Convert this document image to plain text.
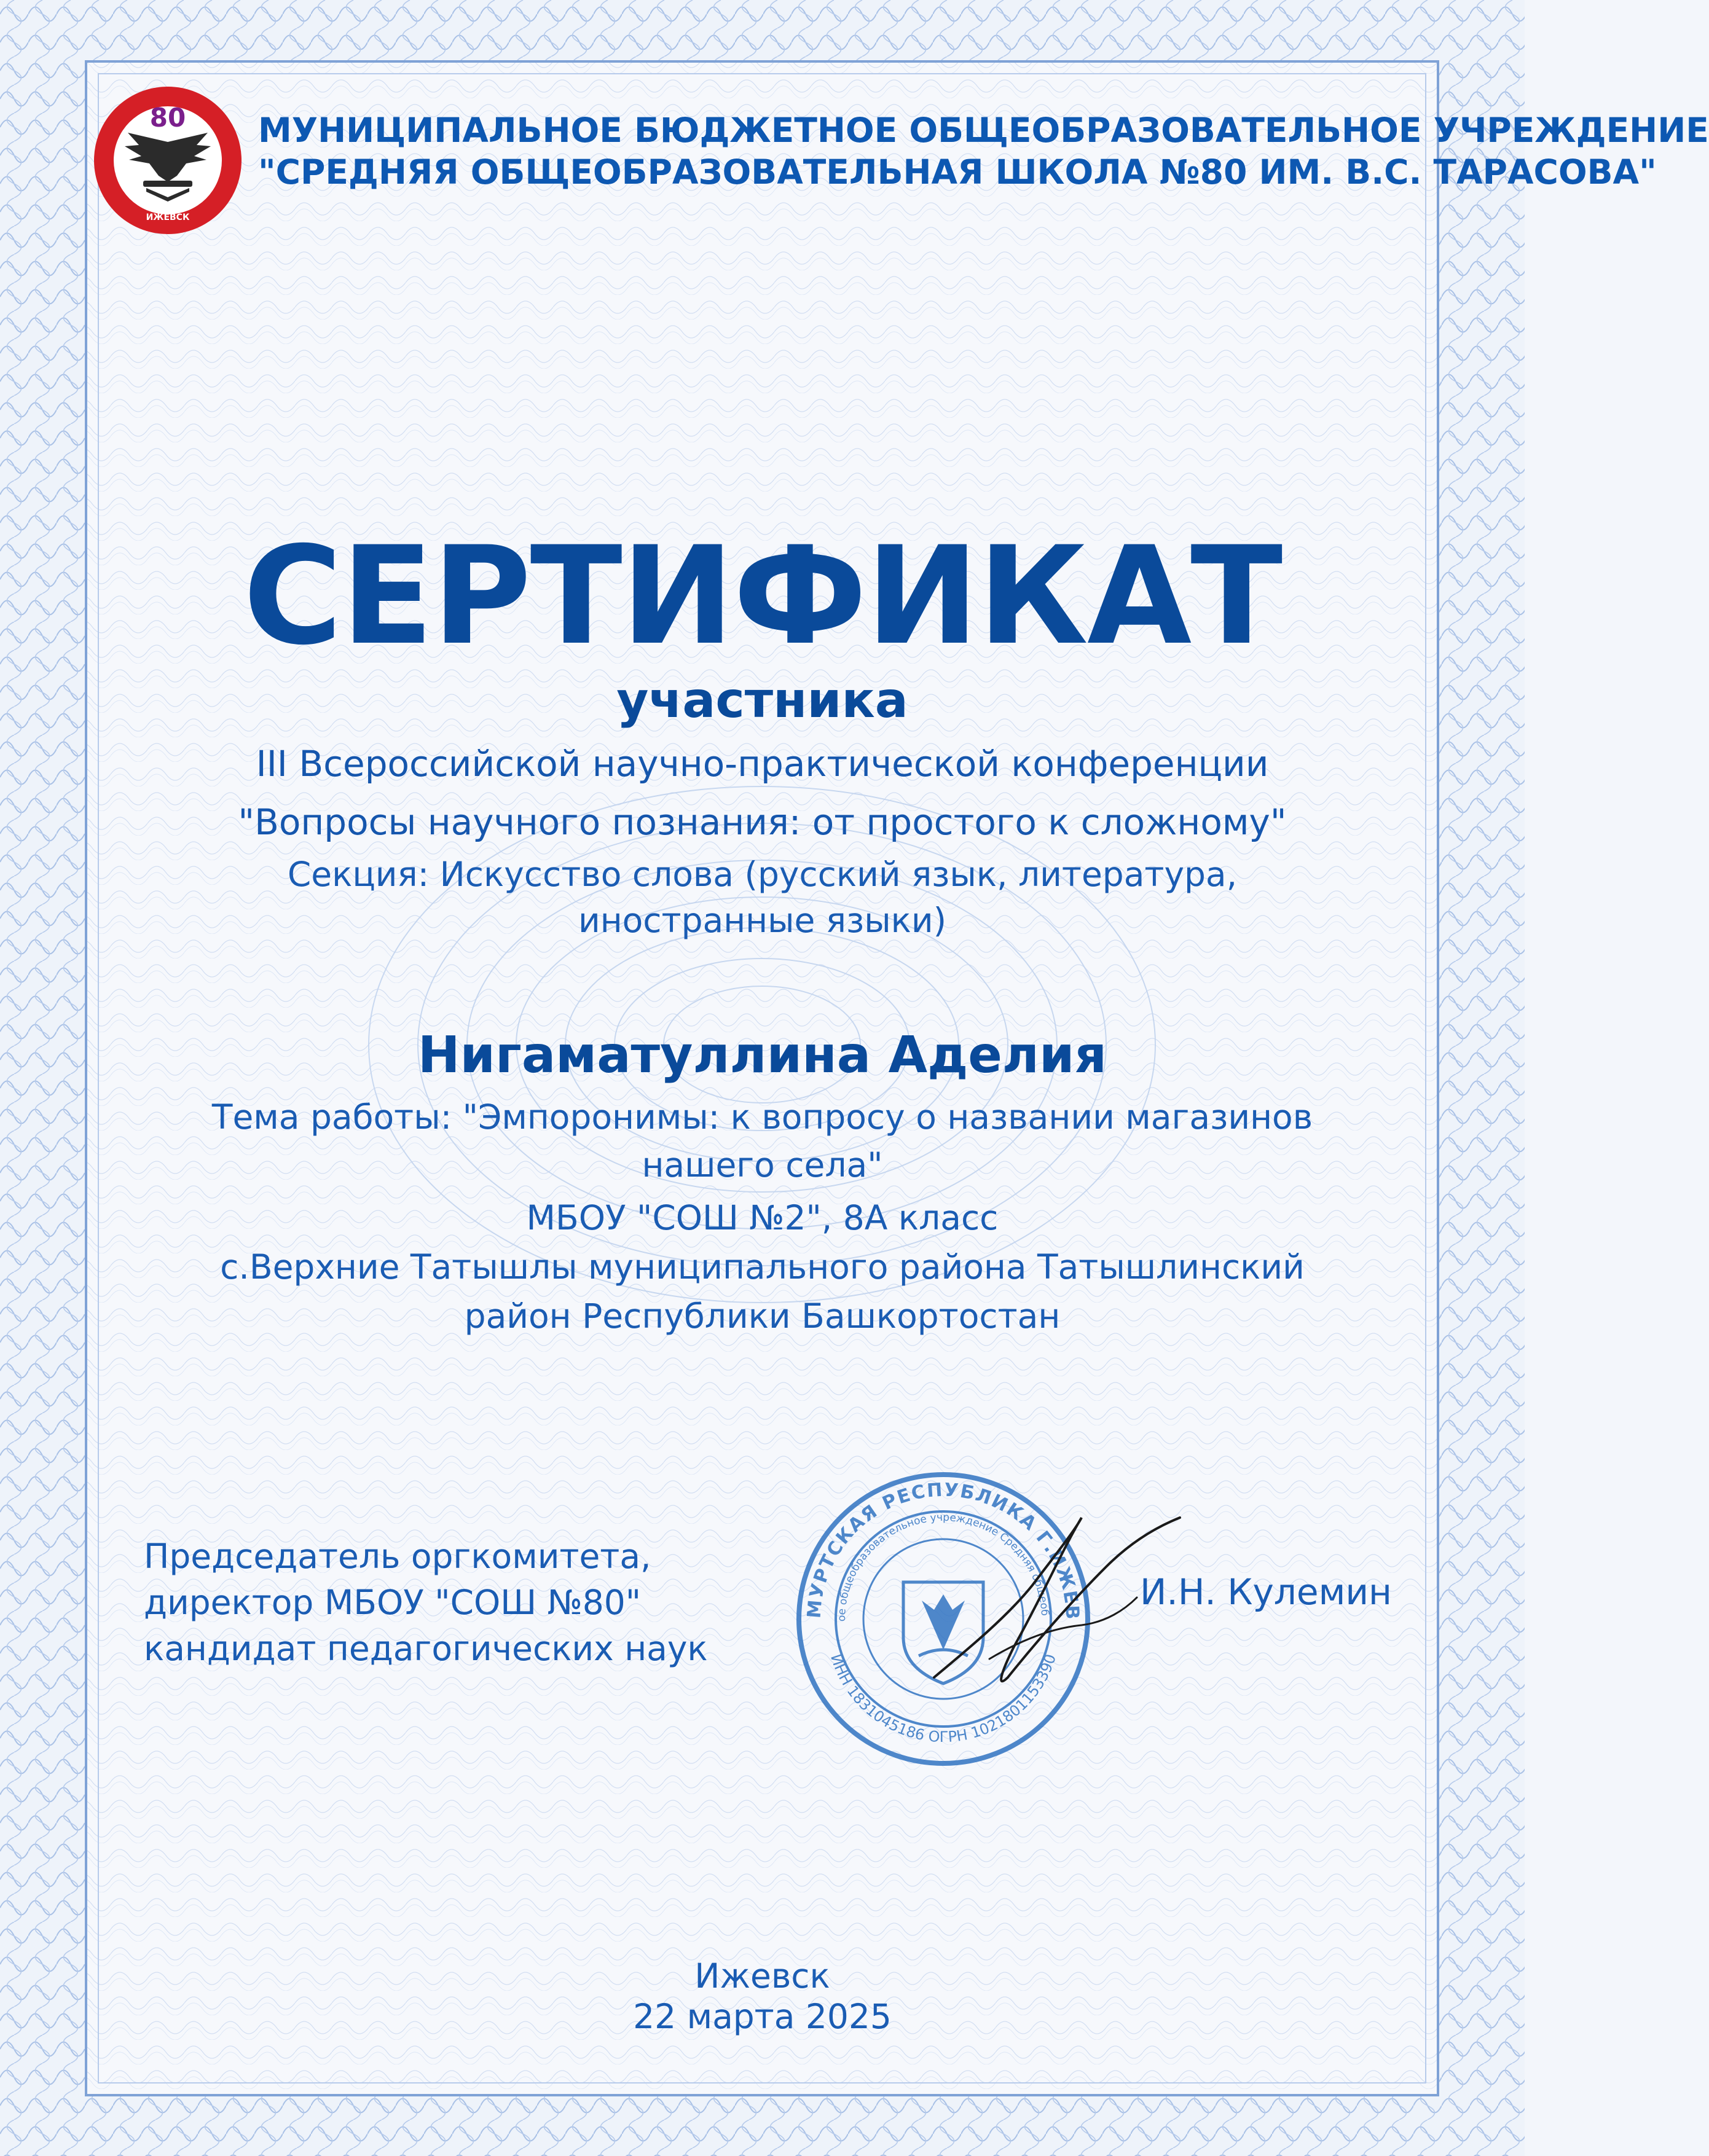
80
ИЖЕВСК
МУНИЦИПАЛЬНОЕ БЮДЖЕТНОЕ ОБЩЕОБРАЗОВАТЕЛЬНОЕ УЧРЕЖДЕНИЕ
"СРЕДНЯЯ ОБЩЕОБРАЗОВАТЕЛЬНАЯ ШКОЛА №80 ИМ. В.С. ТАРАСОВА"
СЕРТИФИКАТ
участника
III Всероссийской научно-практической конференции
"Вопросы научного познания: от простого к сложному"
Секция: Искусство слова (русский язык, литература,
иностранные языки)
Нигаматуллина Аделия
Тема работы: "Эмпоронимы: к вопросу о названии магазинов
нашего села"
МБОУ "СОШ №2", 8А класс
с.Верхние Татышлы муниципального района Татышлинский
район Республики Башкортостан
Председатель оргкомитета,
директор МБОУ "СОШ №80"
кандидат педагогических наук
МУРТСКАЯ РЕСПУБЛИКА Г.ИЖЕВ
ое общеобразовательное учреждение Средняя общеоб
ИНН 1831045186 ОГРН 1021801153390
И.Н. Кулемин
Ижевск
22 марта 2025
